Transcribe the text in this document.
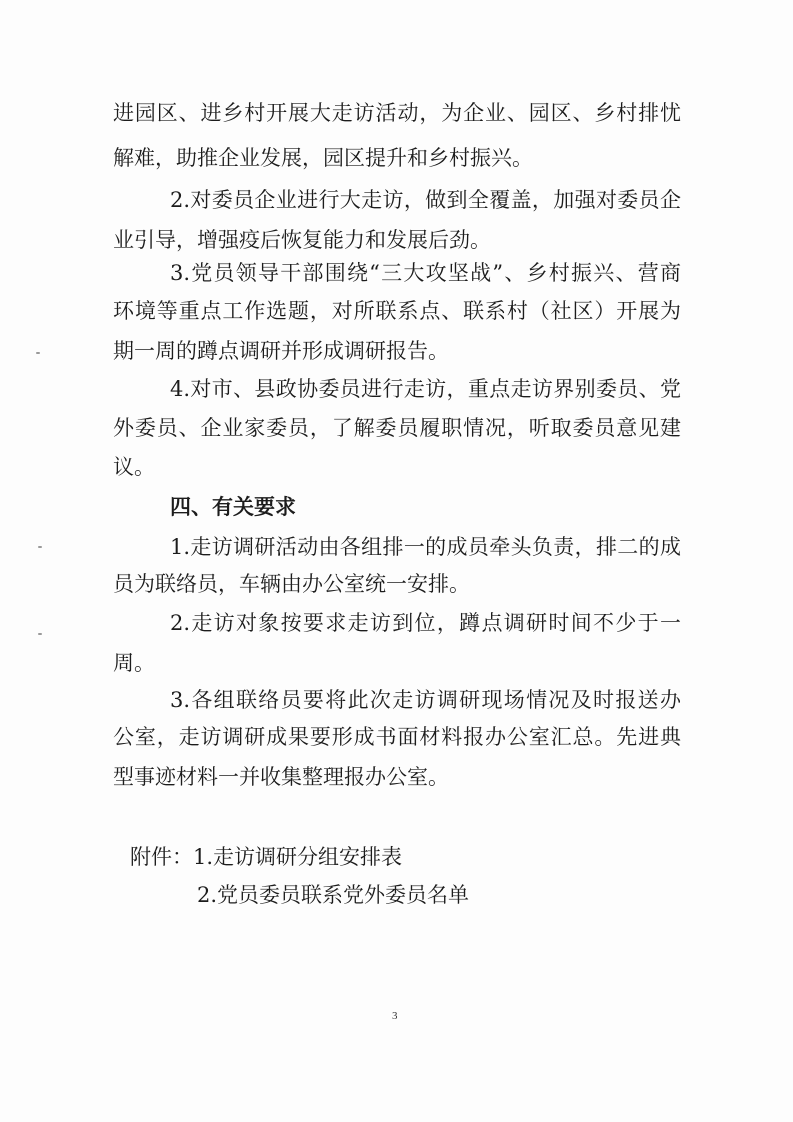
进园区、进乡村开展大走访活动，为企业、园区、乡村排忧
解难，助推企业发展，园区提升和乡村振兴。
2.对委员企业进行大走访，做到全覆盖，加强对委员企
业引导，增强疫后恢复能力和发展后劲。
3.党员领导干部围绕“三大攻坚战”、乡村振兴、营商
环境等重点工作选题，对所联系点、联系村（社区）开展为
期一周的蹲点调研并形成调研报告。
4.对市、县政协委员进行走访，重点走访界别委员、党
外委员、企业家委员，了解委员履职情况，听取委员意见建
议。
四、有关要求
1.走访调研活动由各组排一的成员牵头负责，排二的成
员为联络员，车辆由办公室统一安排。
2.走访对象按要求走访到位，蹲点调研时间不少于一
周。
3.各组联络员要将此次走访调研现场情况及时报送办
公室，走访调研成果要形成书面材料报办公室汇总。先进典
型事迹材料一并收集整理报办公室。
附件：1.走访调研分组安排表
2.党员委员联系党外委员名单
3
